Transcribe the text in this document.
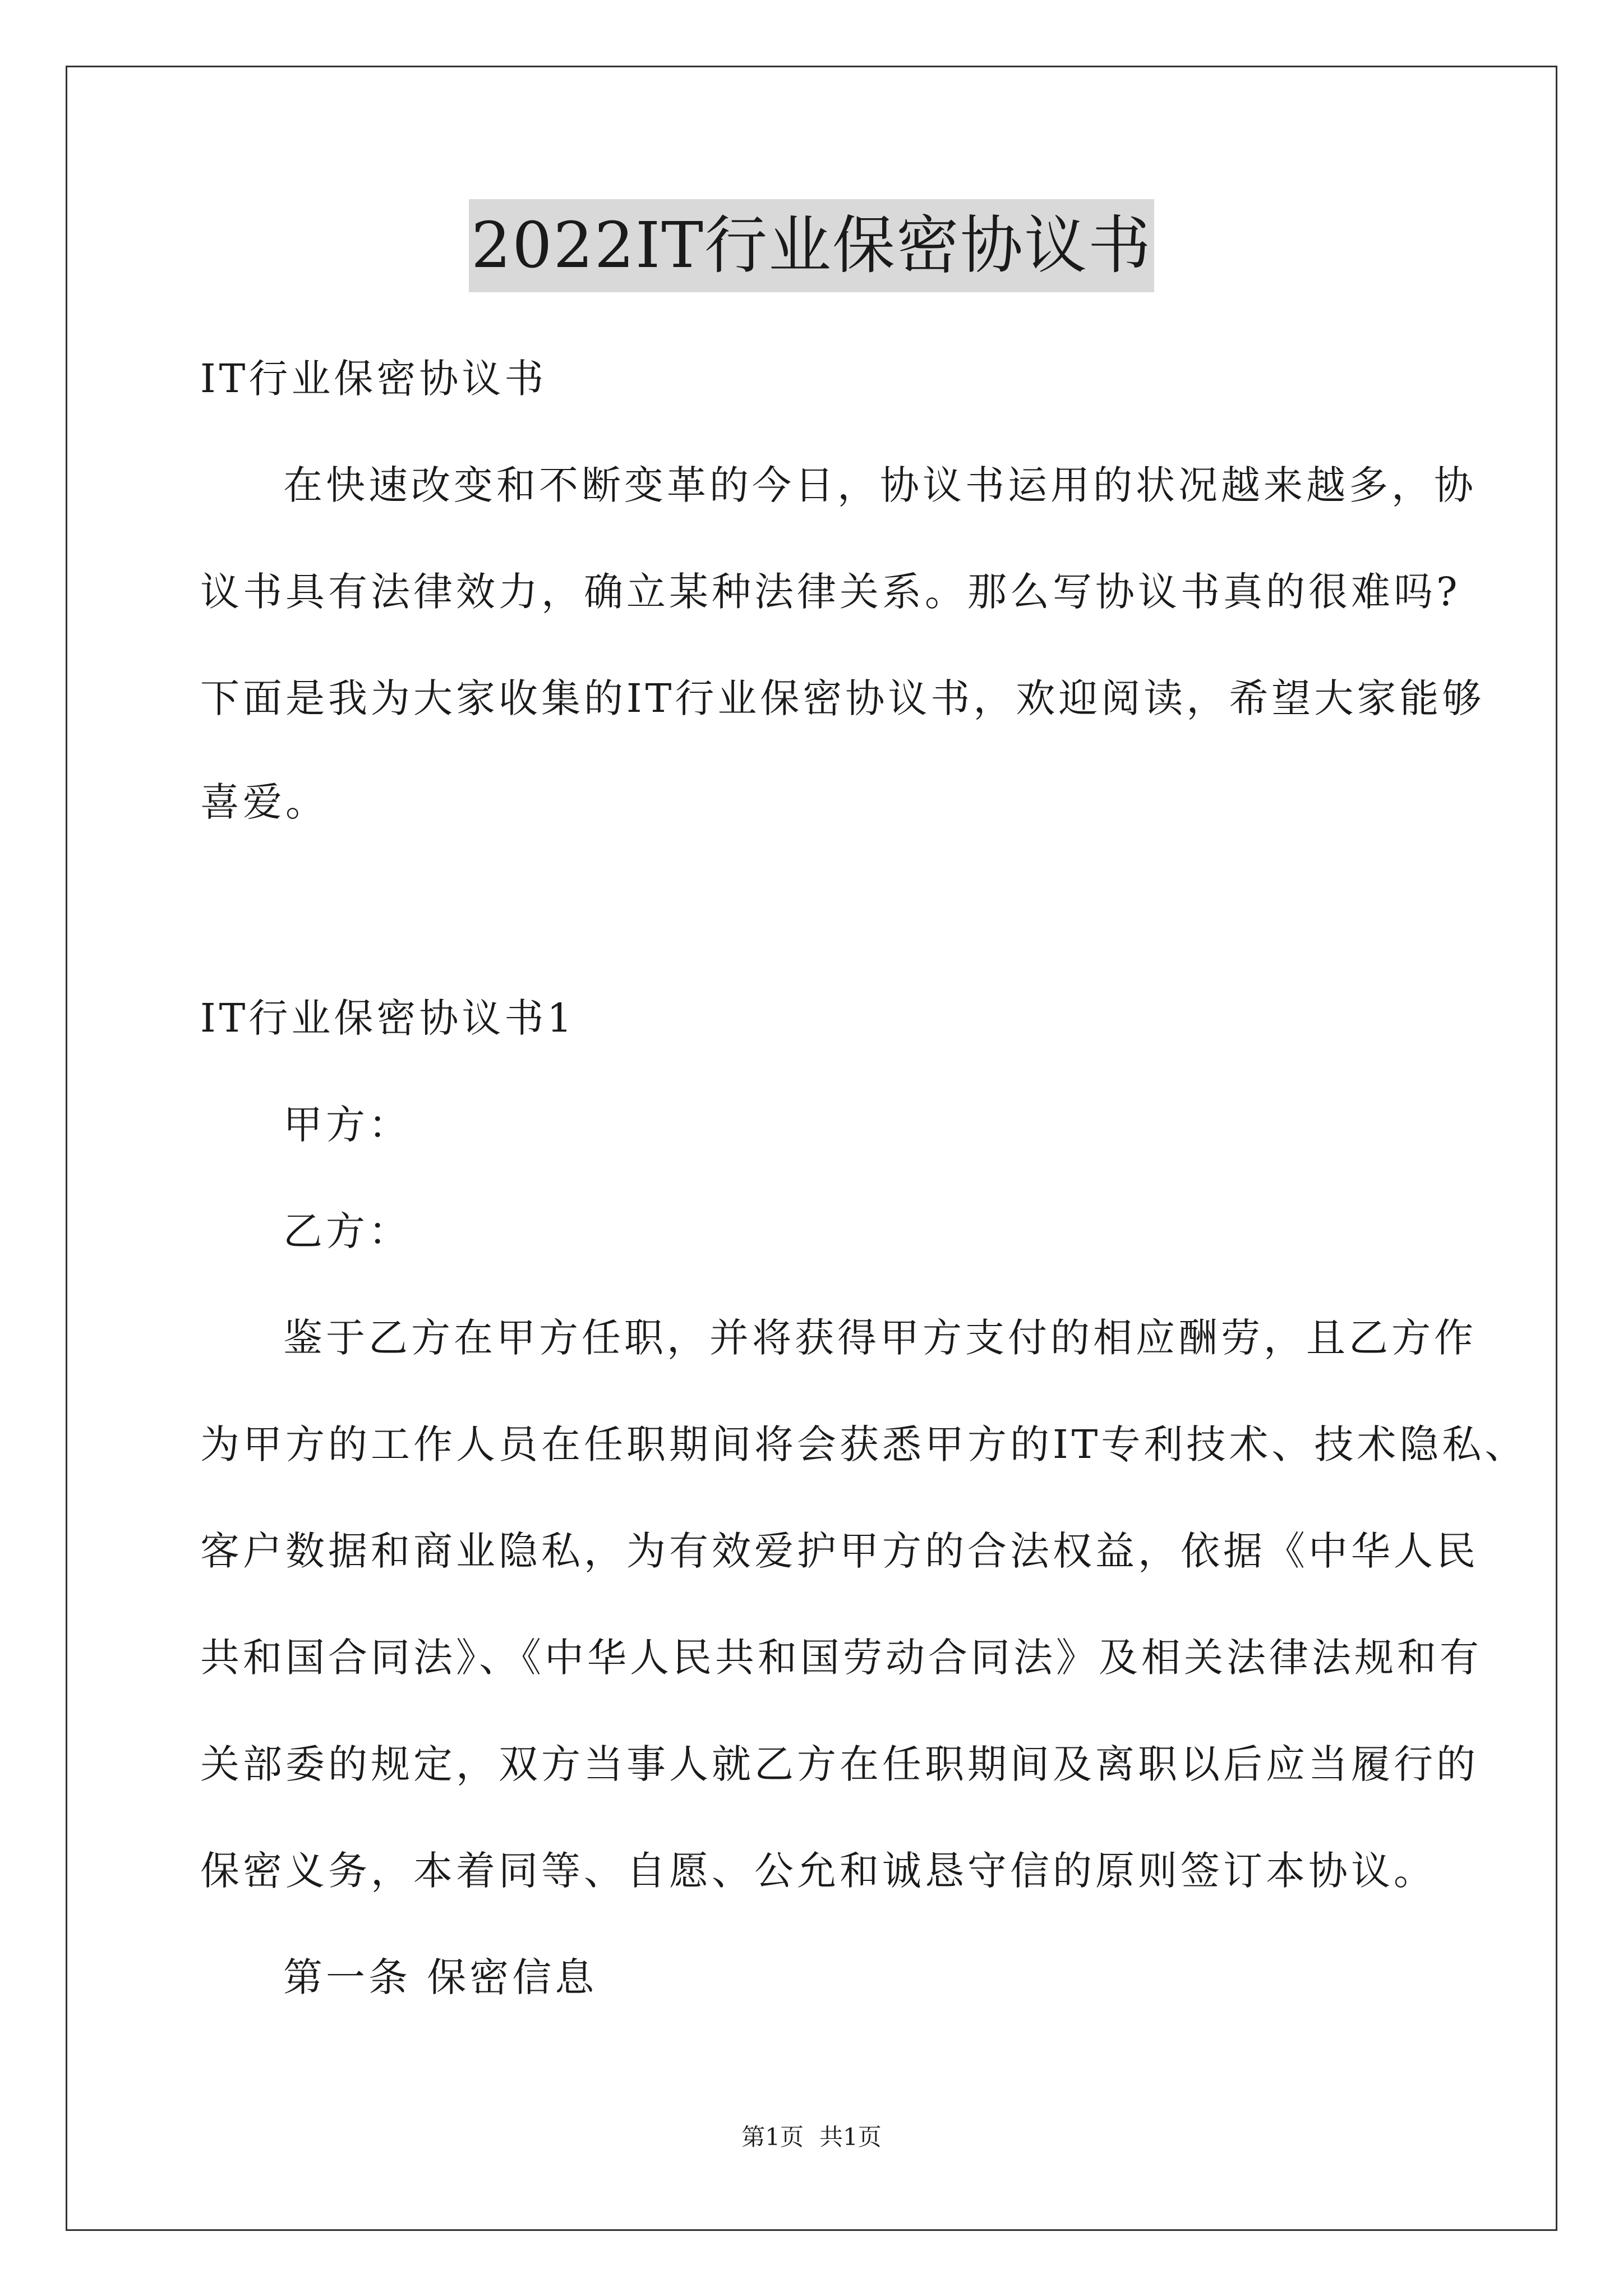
2022IT行业保密协议书
IT行业保密协议书
在快速改变和不断变革的今日，协议书运用的状况越来越多，协
议书具有法律效力，确立某种法律关系。那么写协议书真的很难吗?
下面是我为大家收集的IT行业保密协议书，欢迎阅读，希望大家能够
喜爱。
IT行业保密协议书1
甲方：
乙方：
鉴于乙方在甲方任职，并将获得甲方支付的相应酬劳，且乙方作
为甲方的工作人员在任职期间将会获悉甲方的IT专利技术、技术隐私、
客户数据和商业隐私，为有效爱护甲方的合法权益，依据《中华人民
共和国合同法》、《中华人民共和国劳动合同法》及相关法律法规和有
关部委的规定，双方当事人就乙方在任职期间及离职以后应当履行的
保密义务，本着同等、自愿、公允和诚恳守信的原则签订本协议。
第一条 保密信息
第1页 共1页
